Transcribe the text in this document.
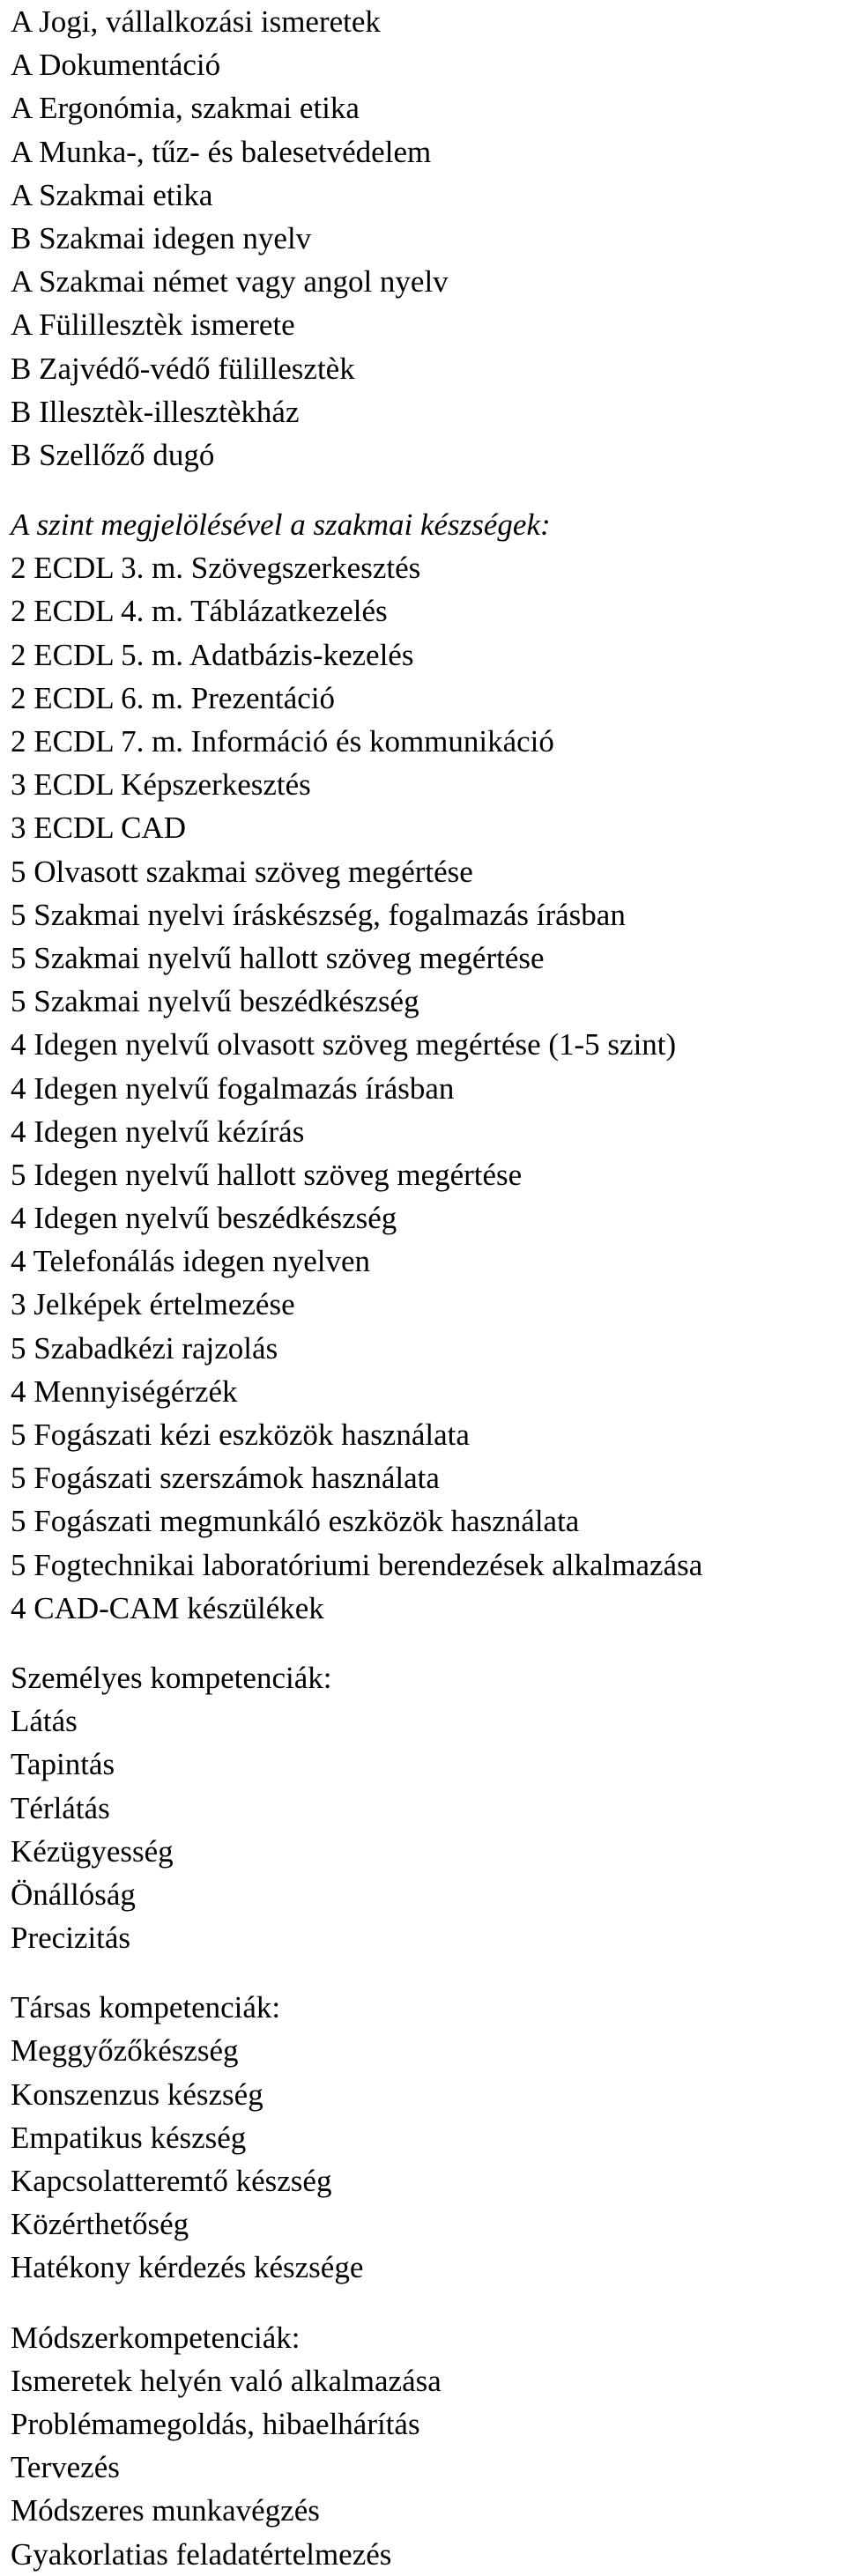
A Jogi, vállalkozási ismeretek
A Dokumentáció
A Ergonómia, szakmai etika
A Munka-, tűz- és balesetvédelem
A Szakmai etika
B Szakmai idegen nyelv
A Szakmai német vagy angol nyelv
A Fülillesztèk ismerete
B Zajvédő-védő fülillesztèk
B Illesztèk-illesztèkház
B Szellőző dugó
A szint megjelölésével a szakmai készségek:
2 ECDL 3. m. Szövegszerkesztés
2 ECDL 4. m. Táblázatkezelés
2 ECDL 5. m. Adatbázis-kezelés
2 ECDL 6. m. Prezentáció
2 ECDL 7. m. Információ és kommunikáció
3 ECDL Képszerkesztés
3 ECDL CAD
5 Olvasott szakmai szöveg megértése
5 Szakmai nyelvi íráskészség, fogalmazás írásban
5 Szakmai nyelvű hallott szöveg megértése
5 Szakmai nyelvű beszédkészség
4 Idegen nyelvű olvasott szöveg megértése (1-5 szint)
4 Idegen nyelvű fogalmazás írásban
4 Idegen nyelvű kézírás
5 Idegen nyelvű hallott szöveg megértése
4 Idegen nyelvű beszédkészség
4 Telefonálás idegen nyelven
3 Jelképek értelmezése
5 Szabadkézi rajzolás
4 Mennyiségérzék
5 Fogászati kézi eszközök használata
5 Fogászati szerszámok használata
5 Fogászati megmunkáló eszközök használata
5 Fogtechnikai laboratóriumi berendezések alkalmazása
4 CAD-CAM készülékek
Személyes kompetenciák:
Látás
Tapintás
Térlátás
Kézügyesség
Önállóság
Precizitás
Társas kompetenciák:
Meggyőzőkészség
Konszenzus készség
Empatikus készség
Kapcsolatteremtő készség
Közérthetőség
Hatékony kérdezés készsége
Módszerkompetenciák:
Ismeretek helyén való alkalmazása
Problémamegoldás, hibaelhárítás
Tervezés
Módszeres munkavégzés
Gyakorlatias feladatértelmezés
